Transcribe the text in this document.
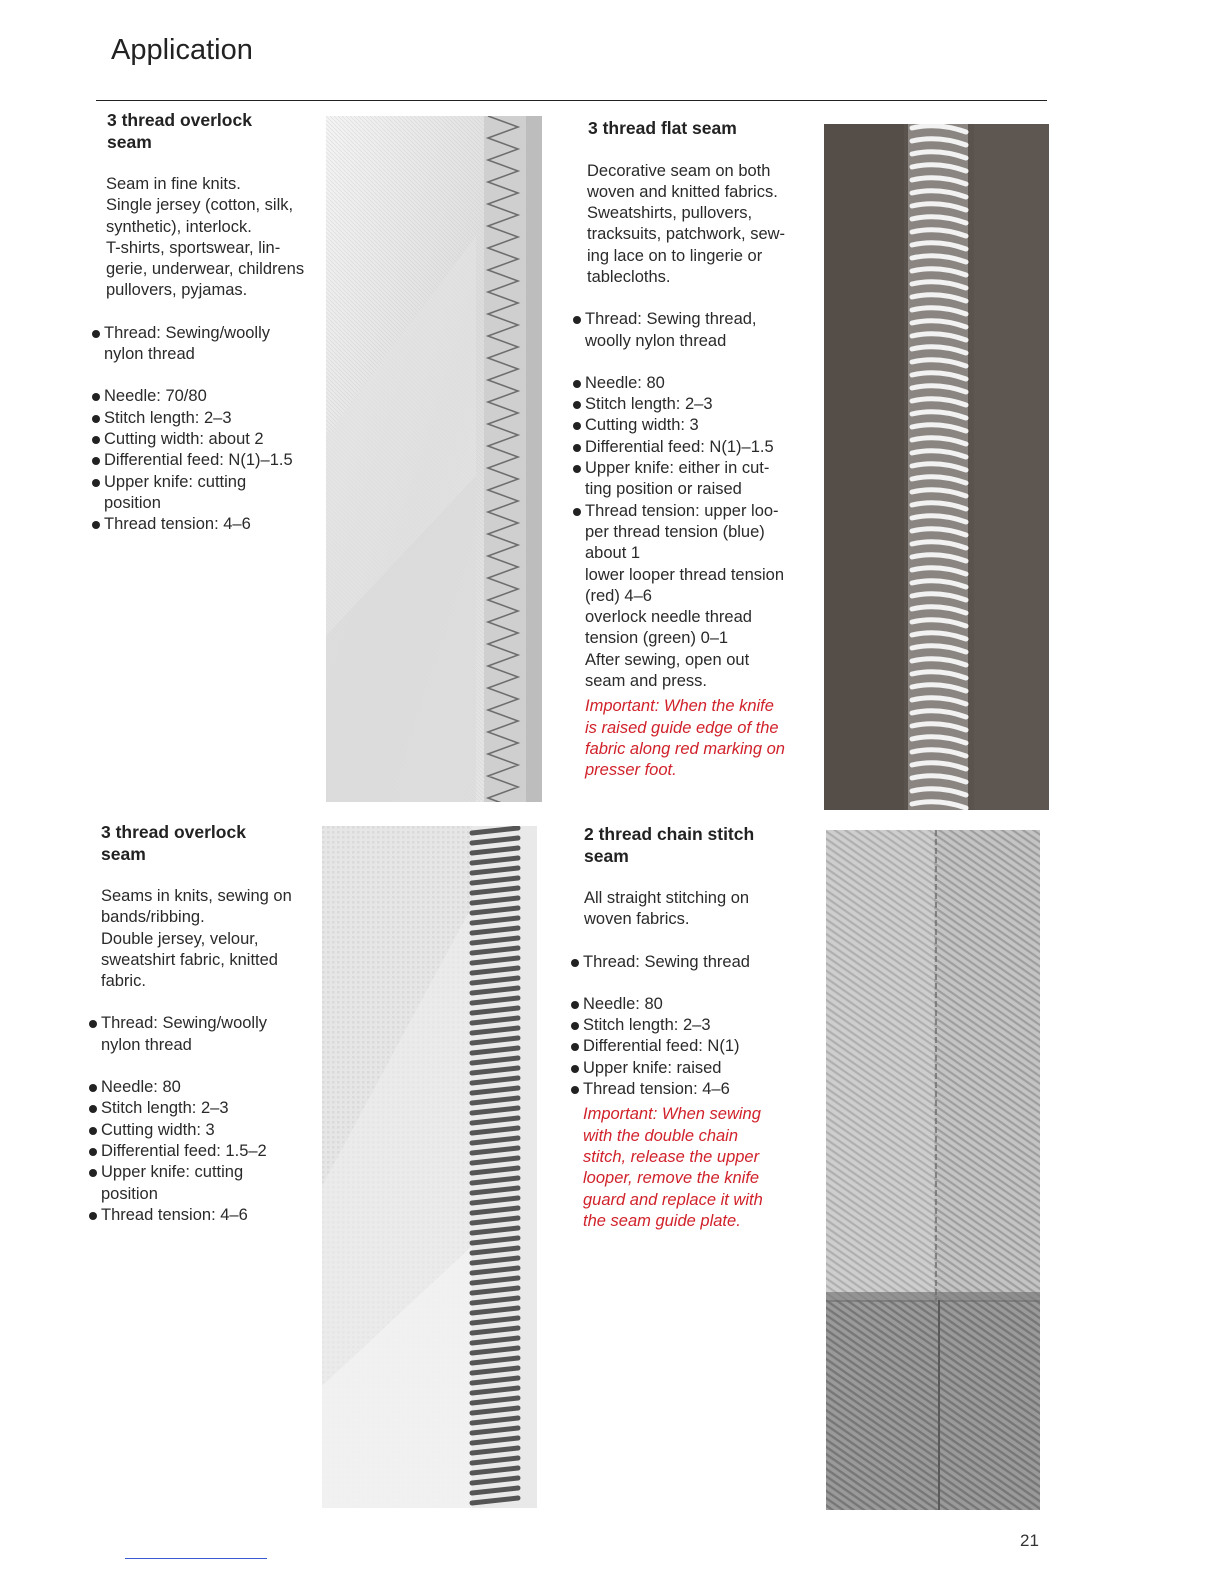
Application
3 thread overlock
seam
Seam in fine knits.
Single jersey (cotton, silk,
synthetic), interlock.
T-shirts, sportswear, lin-
gerie, underwear, childrens
pullovers, pyjamas.
Thread: Sewing/woolly
nylon thread
Needle: 70/80
Stitch length: 2–3
Cutting width: about 2
Differential feed: N(1)–1.5
Upper knife: cutting
position
Thread tension: 4–6
3 thread flat seam
Decorative seam on both
woven and knitted fabrics.
Sweatshirts, pullovers,
tracksuits, patchwork, sew-
ing lace on to lingerie or
tablecloths.
Thread: Sewing thread,
woolly nylon thread
Needle: 80
Stitch length: 2–3
Cutting width: 3
Differential feed: N(1)–1.5
Upper knife: either in cut-
ting position or raised
Thread tension: upper loo-
per thread tension (blue)
about 1
lower looper thread tension
(red) 4–6
overlock needle thread
tension (green) 0–1
After sewing, open out
seam and press.
Important: When the knife
is raised guide edge of the
fabric along red marking on
presser foot.
3 thread overlock
seam
Seams in knits, sewing on
bands/ribbing.
Double jersey, velour,
sweatshirt fabric, knitted
fabric.
Thread: Sewing/woolly
nylon thread
Needle: 80
Stitch length: 2–3
Cutting width: 3
Differential feed: 1.5–2
Upper knife: cutting
position
Thread tension: 4–6
2 thread chain stitch
seam
All straight stitching on
woven fabrics.
Thread: Sewing thread
Needle: 80
Stitch length: 2–3
Differential feed: N(1)
Upper knife: raised
Thread tension: 4–6
Important: When sewing
with the double chain
stitch, release the upper
looper, remove the knife
guard and replace it with
the seam guide plate.
21
